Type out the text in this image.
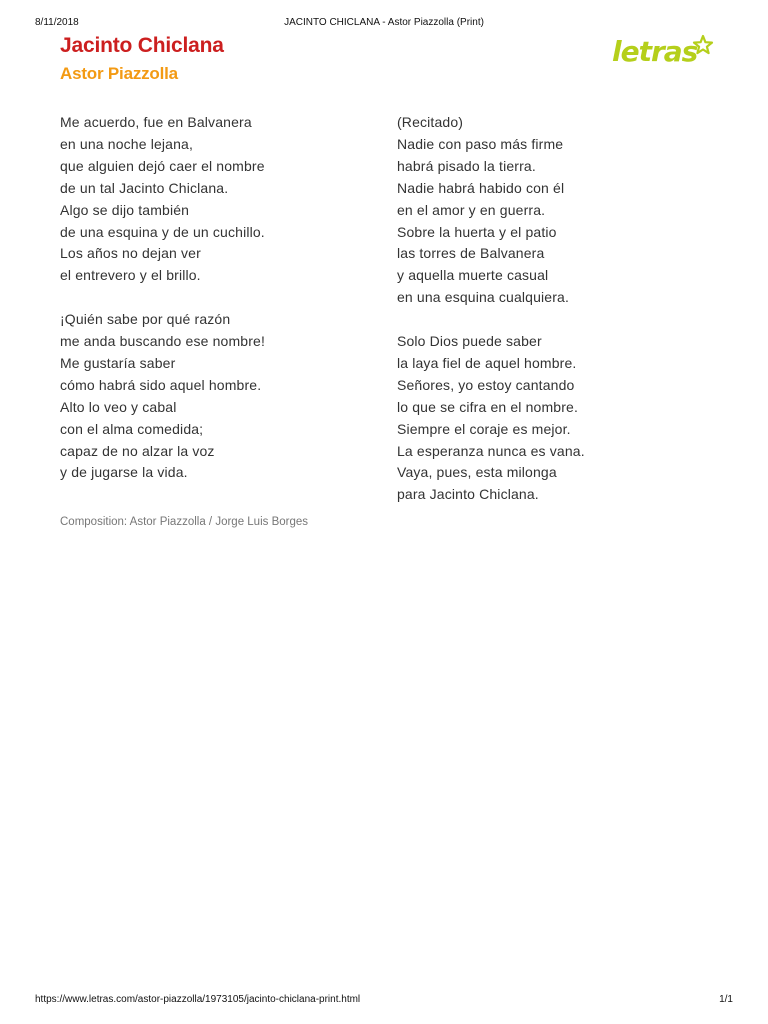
8/11/2018	JACINTO CHICLANA - Astor Piazzolla (Print)
Jacinto Chiclana
Astor Piazzolla
letras
Me acuerdo, fue en Balvanera
en una noche lejana,
que alguien dejó caer el nombre
de un tal Jacinto Chiclana.
Algo se dijo también
de una esquina y de un cuchillo.
Los años no dejan ver
el entrevero y el brillo.
¡Quién sabe por qué razón
me anda buscando ese nombre!
Me gustaría saber
cómo habrá sido aquel hombre.
Alto lo veo y cabal
con el alma comedida;
capaz de no alzar la voz
y de jugarse la vida.
(Recitado)
Nadie con paso más firme
habrá pisado la tierra.
Nadie habrá habido con él
en el amor y en guerra.
Sobre la huerta y el patio
las torres de Balvanera
y aquella muerte casual
en una esquina cualquiera.
Solo Dios puede saber
la laya fiel de aquel hombre.
Señores, yo estoy cantando
lo que se cifra en el nombre.
Siempre el coraje es mejor.
La esperanza nunca es vana.
Vaya, pues, esta milonga
para Jacinto Chiclana.
Composition: Astor Piazzolla / Jorge Luis Borges
https://www.letras.com/astor-piazzolla/1973105/jacinto-chiclana-print.html	1/1
